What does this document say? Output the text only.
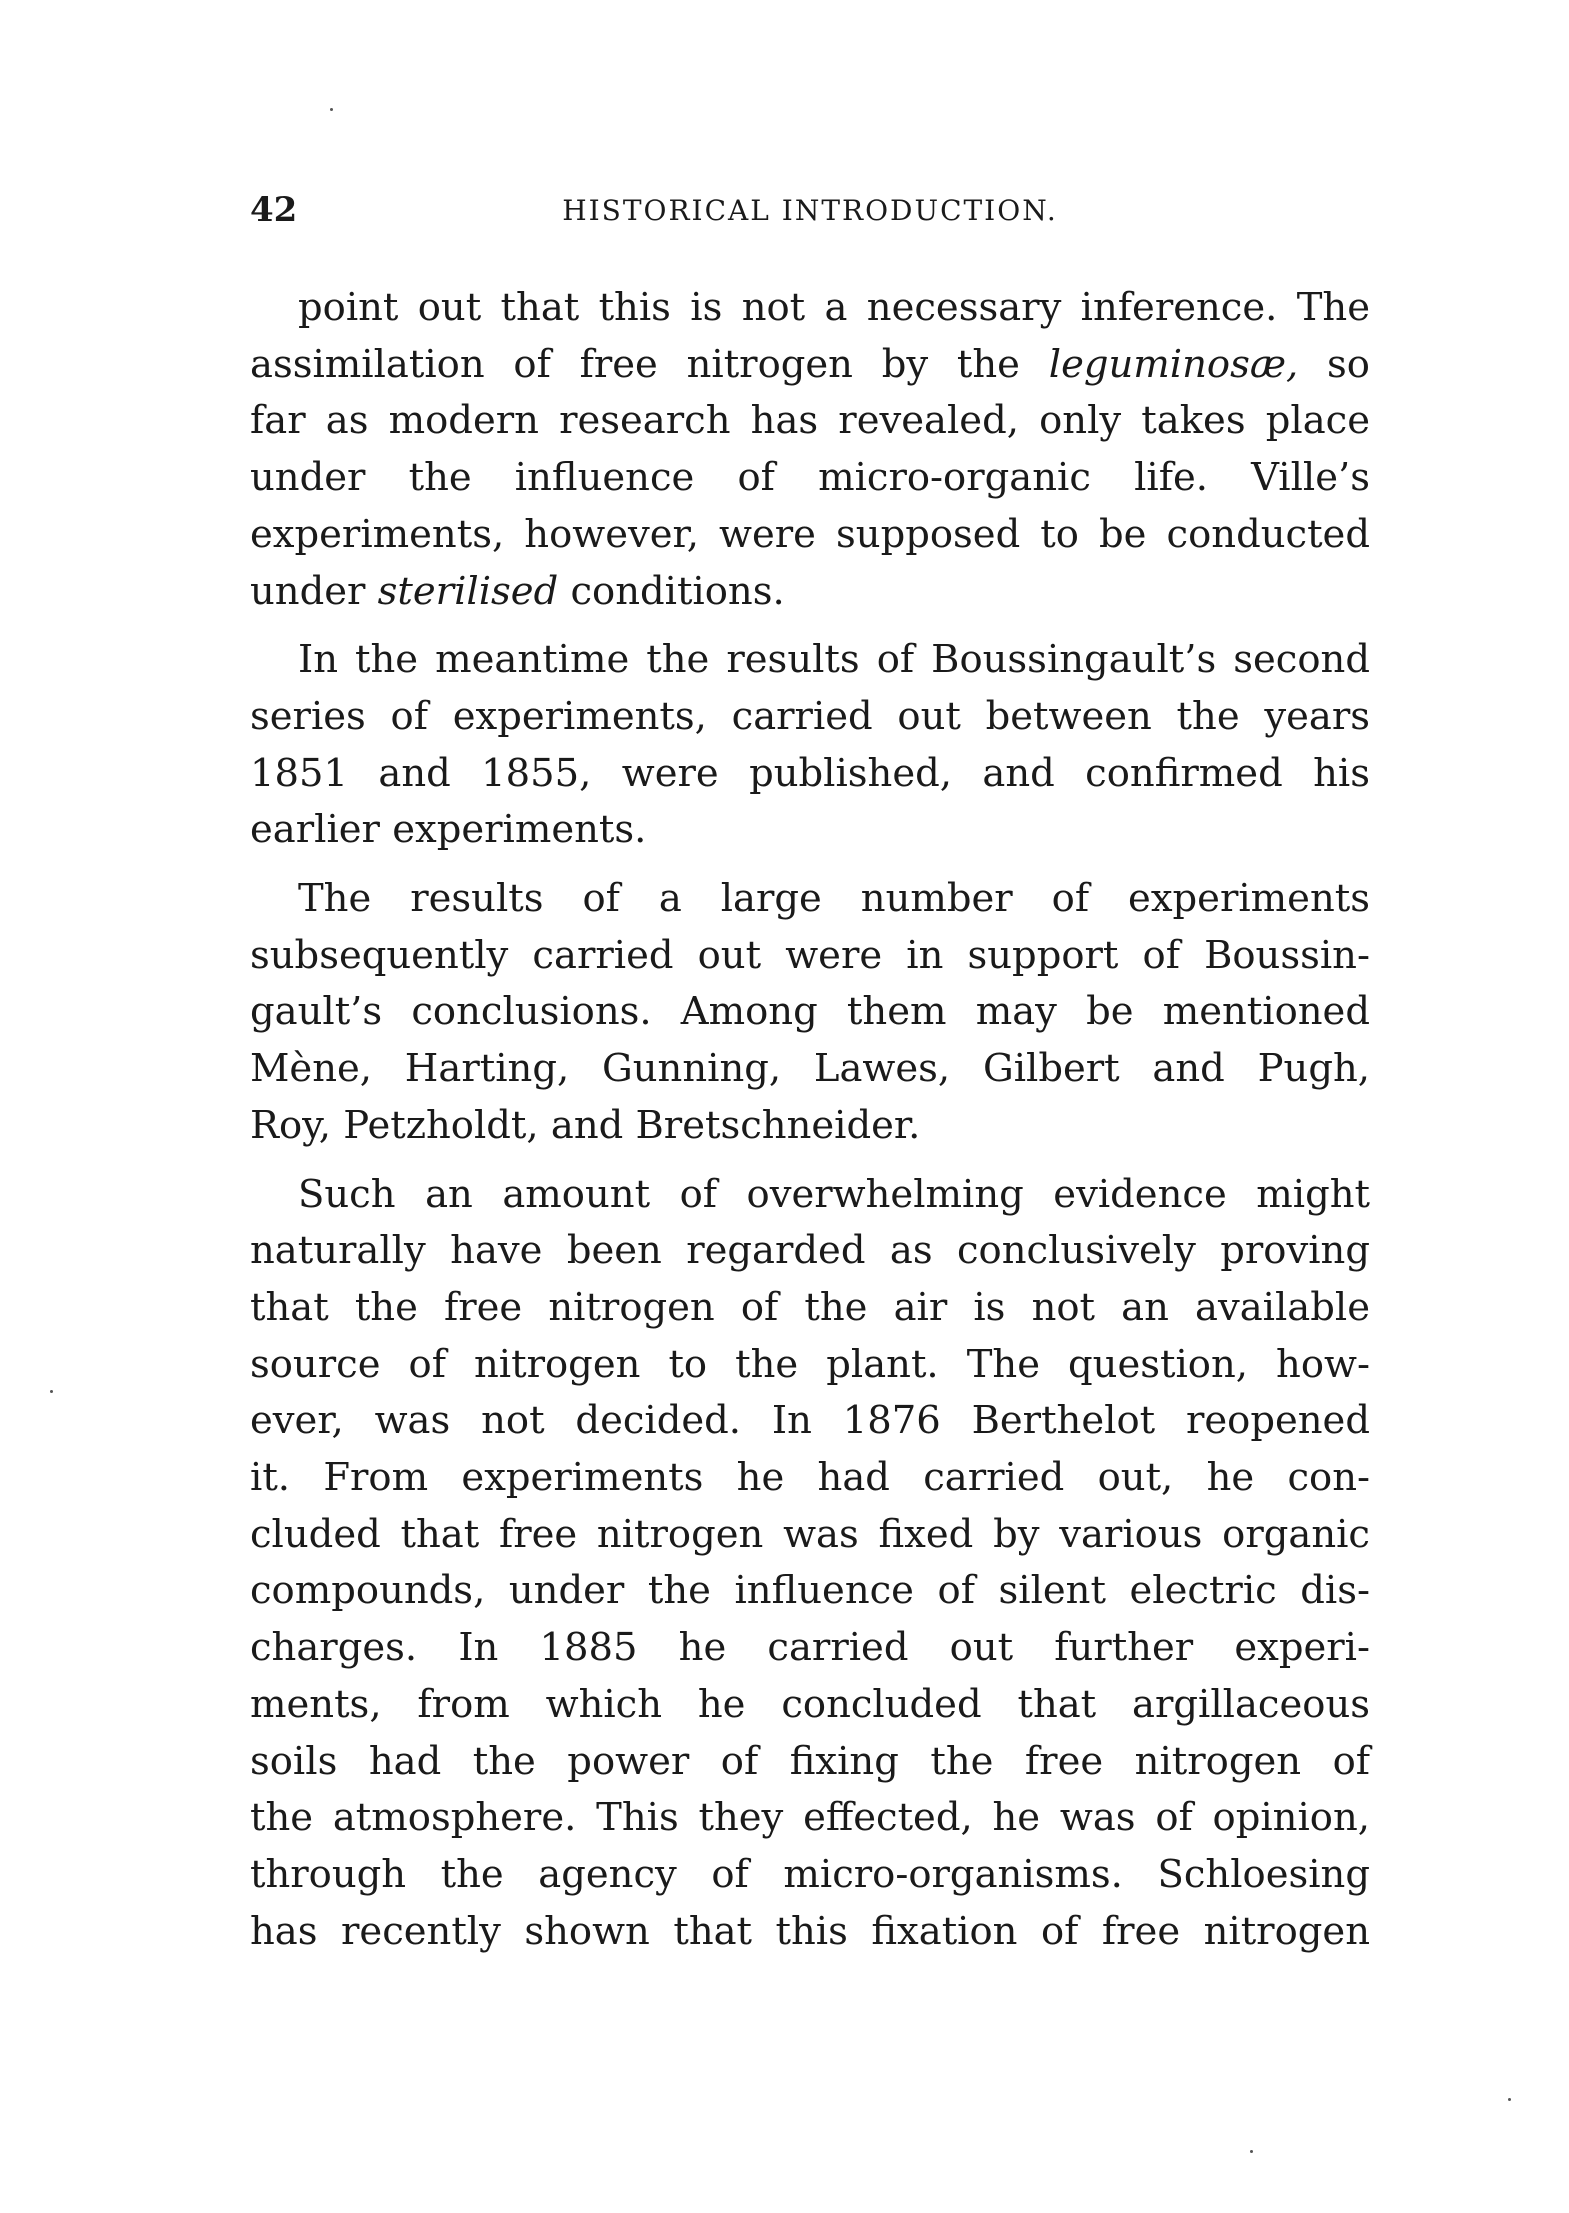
42	HISTORICAL INTRODUCTION.
point out that this is not a necessary inference. The
assimilation of free nitrogen by the leguminosæ, so
far as modern research has revealed, only takes place
under the influence of micro-organic life. Ville’s
experiments, however, were supposed to be conducted
under sterilised conditions.
In the meantime the results of Boussingault’s second
series of experiments, carried out between the years
1851 and 1855, were published, and confirmed his
earlier experiments.
The results of a large number of experiments
subsequently carried out were in support of Boussin-
gault’s conclusions. Among them may be mentioned
Mène, Harting, Gunning, Lawes, Gilbert and Pugh,
Roy, Petzholdt, and Bretschneider.
Such an amount of overwhelming evidence might
naturally have been regarded as conclusively proving
that the free nitrogen of the air is not an available
source of nitrogen to the plant. The question, how-
ever, was not decided. In 1876 Berthelot reopened
it. From experiments he had carried out, he con-
cluded that free nitrogen was fixed by various organic
compounds, under the influence of silent electric dis-
charges. In 1885 he carried out further experi-
ments, from which he concluded that argillaceous
soils had the power of fixing the free nitrogen of
the atmosphere. This they effected, he was of opinion,
through the agency of micro-organisms. Schloesing
has recently shown that this fixation of free nitrogen
